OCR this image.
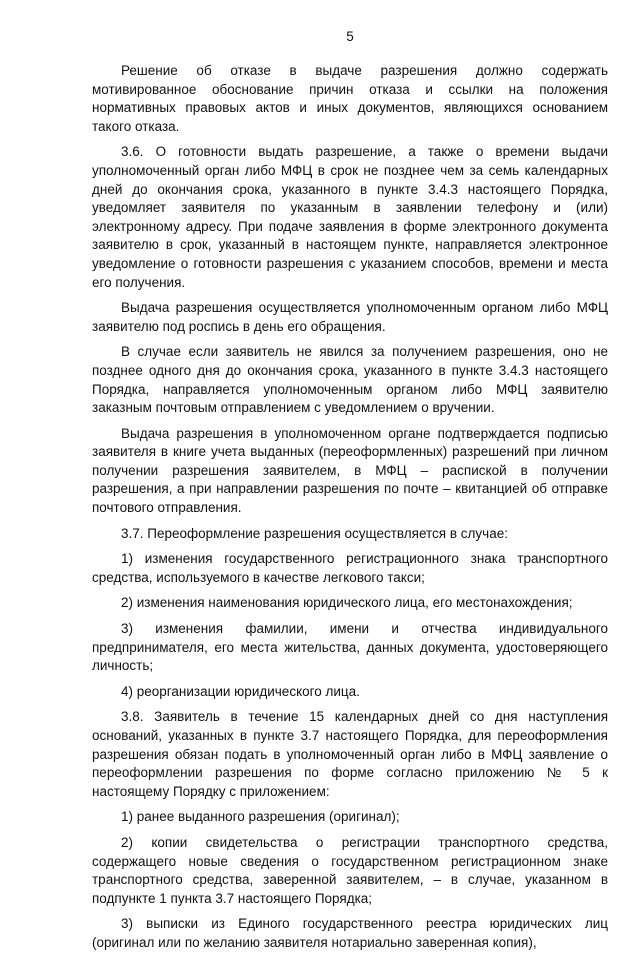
5

Решение об отказе в выдаче разрешения должно содержать мотивированное обоснование причин отказа и ссылки на положения нормативных правовых актов и иных документов, являющихся основанием такого отказа.

3.6. О готовности выдать разрешение, а также о времени выдачи уполномоченный орган либо МФЦ в срок не позднее чем за семь календарных дней до окончания срока, указанного в пункте 3.4.3 настоящего Порядка, уведомляет заявителя по указанным в заявлении телефону и (или) электронному адресу. При подаче заявления в форме электронного документа заявителю в срок, указанный в настоящем пункте, направляется электронное уведомление о готовности разрешения с указанием способов, времени и места его получения.

Выдача разрешения осуществляется уполномоченным органом либо МФЦ заявителю под роспись в день его обращения.

В случае если заявитель не явился за получением разрешения, оно не позднее одного дня до окончания срока, указанного в пункте 3.4.3 настоящего Порядка, направляется уполномоченным органом либо МФЦ заявителю заказным почтовым отправлением с уведомлением о вручении.

Выдача разрешения в уполномоченном органе подтверждается подписью заявителя в книге учета выданных (переоформленных) разрешений при личном получении разрешения заявителем, в МФЦ – распиской в получении разрешения, а при направлении разрешения по почте – квитанцией об отправке почтового отправления.

3.7. Переоформление разрешения осуществляется в случае:

1) изменения государственного регистрационного знака транспортного средства, используемого в качестве легкового такси;

2) изменения наименования юридического лица, его местонахождения;

3) изменения фамилии, имени и отчества индивидуального предпринимателя, его места жительства, данных документа, удостоверяющего личность;

4) реорганизации юридического лица.

3.8. Заявитель в течение 15 календарных дней со дня наступления оснований, указанных в пункте 3.7 настоящего Порядка, для переоформления разрешения обязан подать в уполномоченный орган либо в МФЦ заявление о переоформлении разрешения по форме согласно приложению № 5 к настоящему Порядку с приложением:

1) ранее выданного разрешения (оригинал);

2) копии свидетельства о регистрации транспортного средства, содержащего новые сведения о государственном регистрационном знаке транспортного средства, заверенной заявителем, – в случае, указанном в подпункте 1 пункта 3.7 настоящего Порядка;

3) выписки из Единого государственного реестра юридических лиц (оригинал или по желанию заявителя нотариально заверенная копия),
